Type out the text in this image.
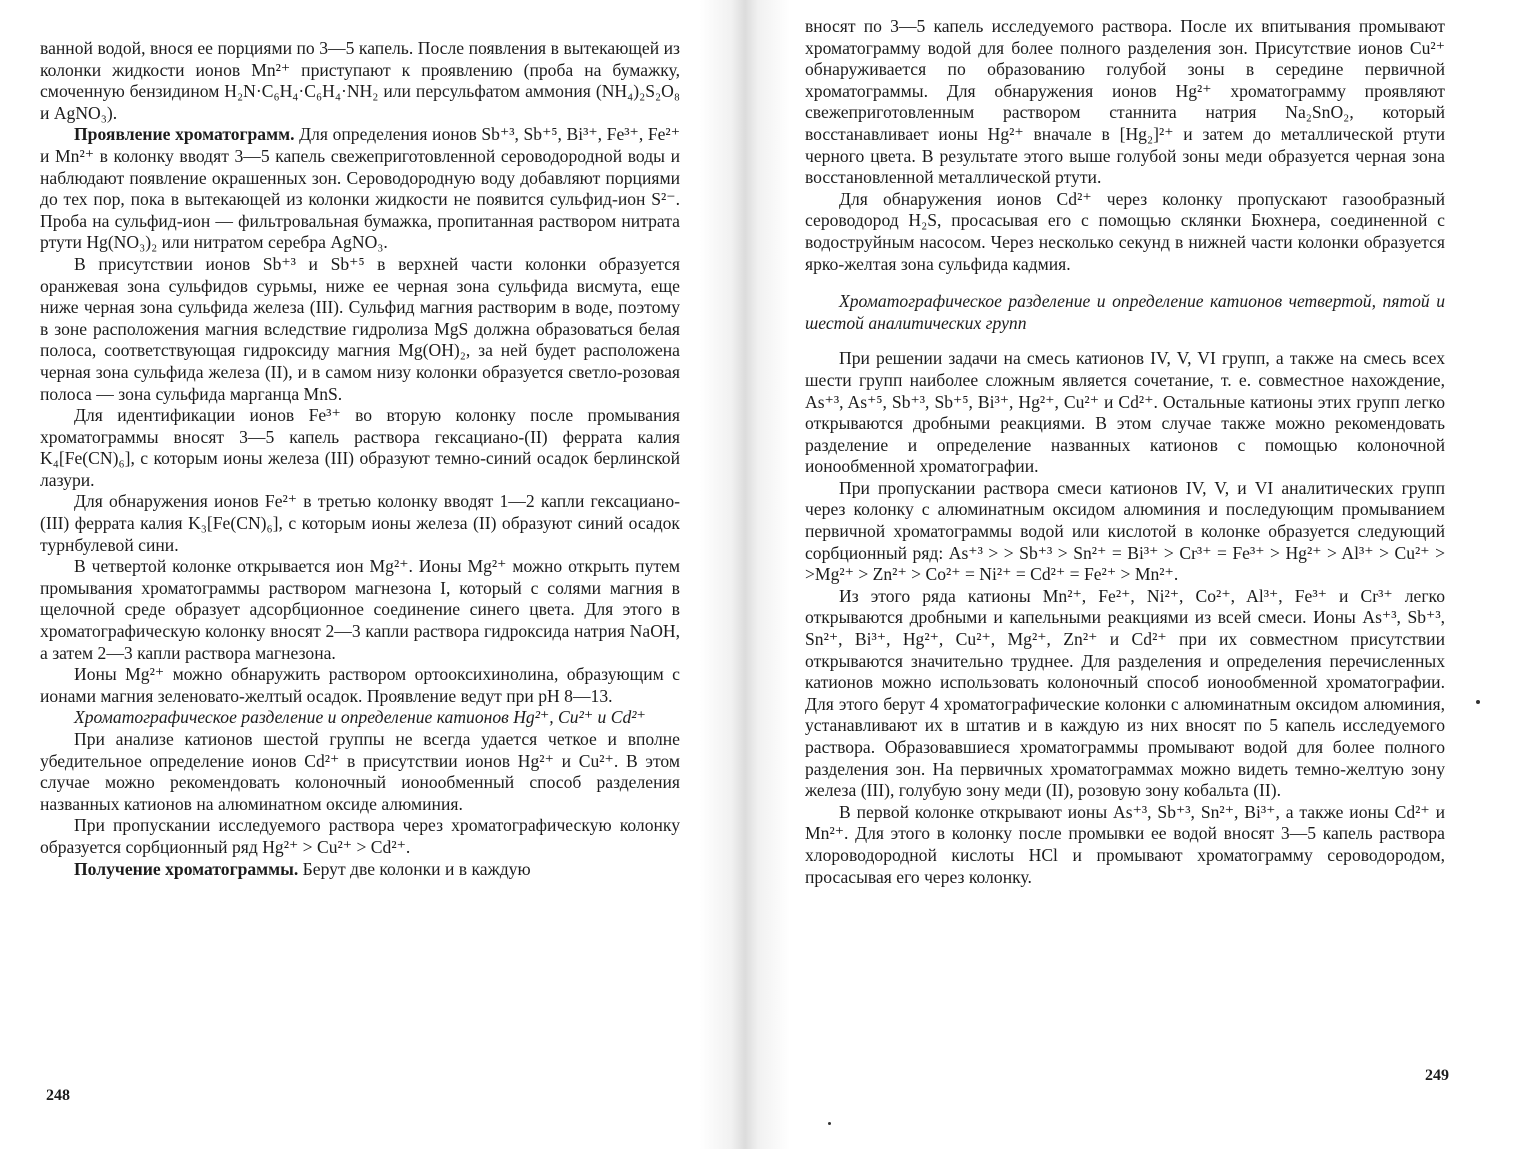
ванной водой, внося ее порциями по 3—5 капель. После появления в вытекающей из колонки жидкости ионов Mn²⁺ приступают к проявлению (проба на бумажку, смоченную бензидином H₂N·C₆H₄·C₆H₄·NH₂ или персульфатом аммония (NH₄)₂S₂O₈ и AgNO₃).

Проявление хроматограмм. Для определения ионов Sb⁺³, Sb⁺⁵, Bi³⁺, Fe³⁺, Fe²⁺ и Mn²⁺ в колонку вводят 3—5 капель свежеприготовленной сероводородной воды и наблюдают появление окрашенных зон. Сероводородную воду добавляют порциями до тех пор, пока в вытекающей из колонки жидкости не появится сульфид-ион S²⁻. Проба на сульфид-ион — фильтровальная бумажка, пропитанная раствором нитрата ртути Hg(NO₃)₂ или нитратом серебра AgNO₃.

В присутствии ионов Sb⁺³ и Sb⁺⁵ в верхней части колонки образуется оранжевая зона сульфидов сурьмы, ниже ее черная зона сульфида висмута, еще ниже черная зона сульфида железа (III). Сульфид магния растворим в воде, поэтому в зоне расположения магния вследствие гидролиза MgS должна образоваться белая полоса, соответствующая гидроксиду магния Mg(OH)₂, за ней будет расположена черная зона сульфида железа (II), и в самом низу колонки образуется светло-розовая полоса — зона сульфида марганца MnS.

Для идентификации ионов Fe³⁺ во вторую колонку после промывания хроматограммы вносят 3—5 капель раствора гексациано-(II) феррата калия K₄[Fe(CN)₆], с которым ионы железа (III) образуют темно-синий осадок берлинской лазури.

Для обнаружения ионов Fe²⁺ в третью колонку вводят 1—2 капли гексациано-(III) феррата калия K₃[Fe(CN)₆], с которым ионы железа (II) образуют синий осадок турнбулевой сини.

В четвертой колонке открывается ион Mg²⁺. Ионы Mg²⁺ можно открыть путем промывания хроматограммы раствором магнезона I, который с солями магния в щелочной среде образует адсорбционное соединение синего цвета. Для этого в хроматографическую колонку вносят 2—3 капли раствора гидроксида натрия NaOH, а затем 2—3 капли раствора магнезона.

Ионы Mg²⁺ можно обнаружить раствором ортооксихинолина, образующим с ионами магния зеленовато-желтый осадок. Проявление ведут при pH 8—13.

Хроматографическое разделение и определение катионов Hg²⁺, Cu²⁺ и Cd²⁺

При анализе катионов шестой группы не всегда удается четкое и вполне убедительное определение ионов Cd²⁺ в присутствии ионов Hg²⁺ и Cu²⁺. В этом случае можно рекомендовать колоночный ионообменный способ разделения названных катионов на алюминатном оксиде алюминия.

При пропускании исследуемого раствора через хроматографическую колонку образуется сорбционный ряд Hg²⁺ > Cu²⁺ > Cd²⁺.

Получение хроматограммы. Берут две колонки и в каждую

248

вносят по 3—5 капель исследуемого раствора. После их впитывания промывают хроматограмму водой для более полного разделения зон. Присутствие ионов Cu²⁺ обнаруживается по образованию голубой зоны в середине первичной хроматограммы. Для обнаружения ионов Hg²⁺ хроматограмму проявляют свежеприготовленным раствором станнита натрия Na₂SnO₂, который восстанавливает ионы Hg²⁺ вначале в [Hg₂]²⁺ и затем до металлической ртути черного цвета. В результате этого выше голубой зоны меди образуется черная зона восстановленной металлической ртути.

Для обнаружения ионов Cd²⁺ через колонку пропускают газообразный сероводород H₂S, просасывая его с помощью склянки Бюхнера, соединенной с водоструйным насосом. Через несколько секунд в нижней части колонки образуется ярко-желтая зона сульфида кадмия.

Хроматографическое разделение и определение катионов четвертой, пятой и шестой аналитических групп

При решении задачи на смесь катионов IV, V, VI групп, а также на смесь всех шести групп наиболее сложным является сочетание, т. е. совместное нахождение, As⁺³, As⁺⁵, Sb⁺³, Sb⁺⁵, Bi³⁺, Hg²⁺, Cu²⁺ и Cd²⁺. Остальные катионы этих групп легко открываются дробными реакциями. В этом случае также можно рекомендовать разделение и определение названных катионов с помощью колоночной ионообменной хроматографии.

При пропускании раствора смеси катионов IV, V, и VI аналитических групп через колонку с алюминатным оксидом алюминия и последующим промыванием первичной хроматограммы водой или кислотой в колонке образуется следующий сорбционный ряд: As⁺³ > > Sb⁺³ > Sn²⁺ = Bi³⁺ > Cr³⁺ = Fe³⁺ > Hg²⁺ > Al³⁺ > Cu²⁺ > >Mg²⁺ > Zn²⁺ > Co²⁺ = Ni²⁺ = Cd²⁺ = Fe²⁺ > Mn²⁺.

Из этого ряда катионы Mn²⁺, Fe²⁺, Ni²⁺, Co²⁺, Al³⁺, Fe³⁺ и Cr³⁺ легко открываются дробными и капельными реакциями из всей смеси. Ионы As⁺³, Sb⁺³, Sn²⁺, Bi³⁺, Hg²⁺, Cu²⁺, Mg²⁺, Zn²⁺ и Cd²⁺ при их совместном присутствии открываются значительно труднее. Для разделения и определения перечисленных катионов можно использовать колоночный способ ионообменной хроматографии. Для этого берут 4 хроматографические колонки с алюминатным оксидом алюминия, устанавливают их в штатив и в каждую из них вносят по 5 капель исследуемого раствора. Образовавшиеся хроматограммы промывают водой для более полного разделения зон. На первичных хроматограммах можно видеть темно-желтую зону железа (III), голубую зону меди (II), розовую зону кобальта (II).

В первой колонке открывают ионы As⁺³, Sb⁺³, Sn²⁺, Bi³⁺, а также ионы Cd²⁺ и Mn²⁺. Для этого в колонку после промывки ее водой вносят 3—5 капель раствора хлороводородной кислоты HCl и промывают хроматограмму сероводородом, просасывая его через колонку.

249
